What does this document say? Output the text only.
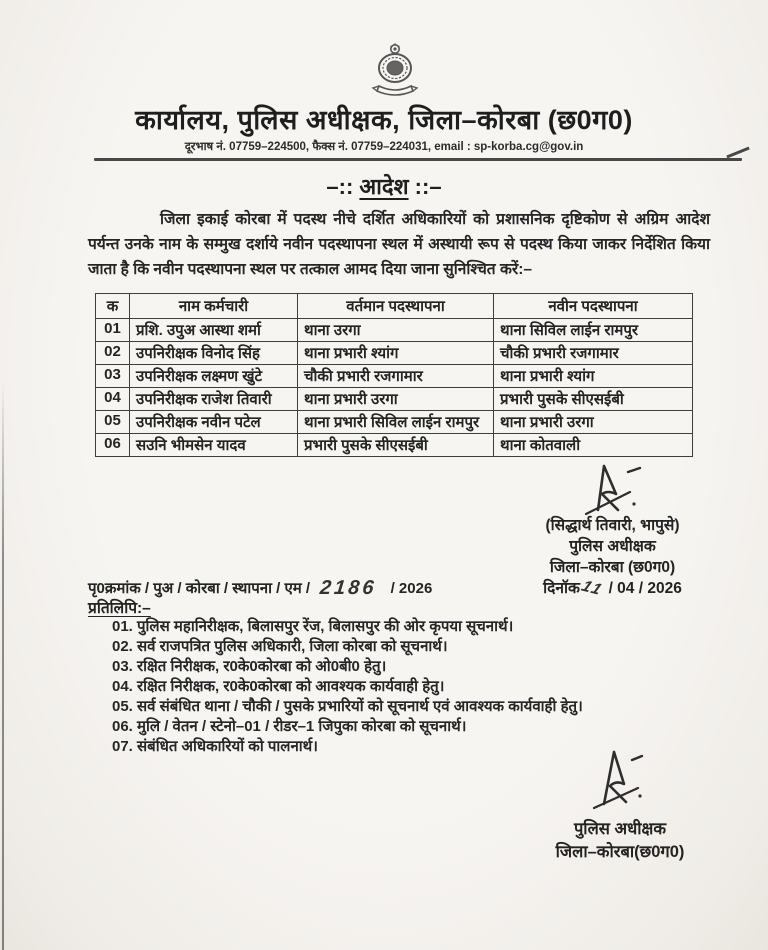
कार्यालय, पुलिस अधीक्षक, जिला–कोरबा (छ0ग0)
दूरभाष नं. 07759–224500, फैक्स नं. 07759–224031, email : sp-korba.cg@gov.in
–:: आदेश ::–

जिला इकाई कोरबा में पदस्थ नीचे दर्शित अधिकारियों को प्रशासनिक दृष्टिकोण से अग्रिम आदेश पर्यन्त उनके नाम के सम्मुख दर्शाये नवीन पदस्थापना स्थल में अस्थायी रूप से पदस्थ किया जाकर निर्देशित किया जाता है कि नवीन पदस्थापना स्थल पर तत्काल आमद दिया जाना सुनिश्चित करें:–

क	नाम कर्मचारी	वर्तमान पदस्थापना	नवीन पदस्थापना
01	प्रशि. उपुअ आस्था शर्मा	थाना उरगा	थाना सिविल लाईन रामपुर
02	उपनिरीक्षक विनोद सिंह	थाना प्रभारी श्यांग	चौकी प्रभारी रजगामार
03	उपनिरीक्षक लक्ष्मण खुंटे	चौकी प्रभारी रजगामार	थाना प्रभारी श्यांग
04	उपनिरीक्षक राजेश तिवारी	थाना प्रभारी उरगा	प्रभारी पुसके सीएसईबी
05	उपनिरीक्षक नवीन पटेल	थाना प्रभारी सिविल लाईन रामपुर	थाना प्रभारी उरगा
06	सउनि भीमसेन यादव	प्रभारी पुसके सीएसईबी	थाना कोतवाली
(सिद्धार्थ तिवारी, भापुसे)
पुलिस अधीक्षक
जिला–कोरबा (छ0ग0)
दिनॉक11 / 04 / 2026
पृ0क्रमांक / पुअ / कोरबा / स्थापना / एम / 2186 / 2026
प्रतिलिपि:–
01. पुलिस महानिरीक्षक, बिलासपुर रेंज, बिलासपुर की ओर कृपया सूचनार्थ।
02. सर्व राजपत्रित पुलिस अधिकारी, जिला कोरबा को सूचनार्थ।
03. रक्षित निरीक्षक, र0के0कोरबा को ओ0बी0 हेतु।
04. रक्षित निरीक्षक, र0के0कोरबा को आवश्यक कार्यवाही हेतु।
05. सर्व संबंधित थाना / चौकी / पुसके प्रभारियों को सूचनार्थ एवं आवश्यक कार्यवाही हेतु।
06. मुलि / वेतन / स्टेनो–01 / रीडर–1 जिपुका कोरबा को सूचनार्थ।
07. संबंधित अधिकारियों को पालनार्थ।
पुलिस अधीक्षक
जिला–कोरबा(छ0ग0)
